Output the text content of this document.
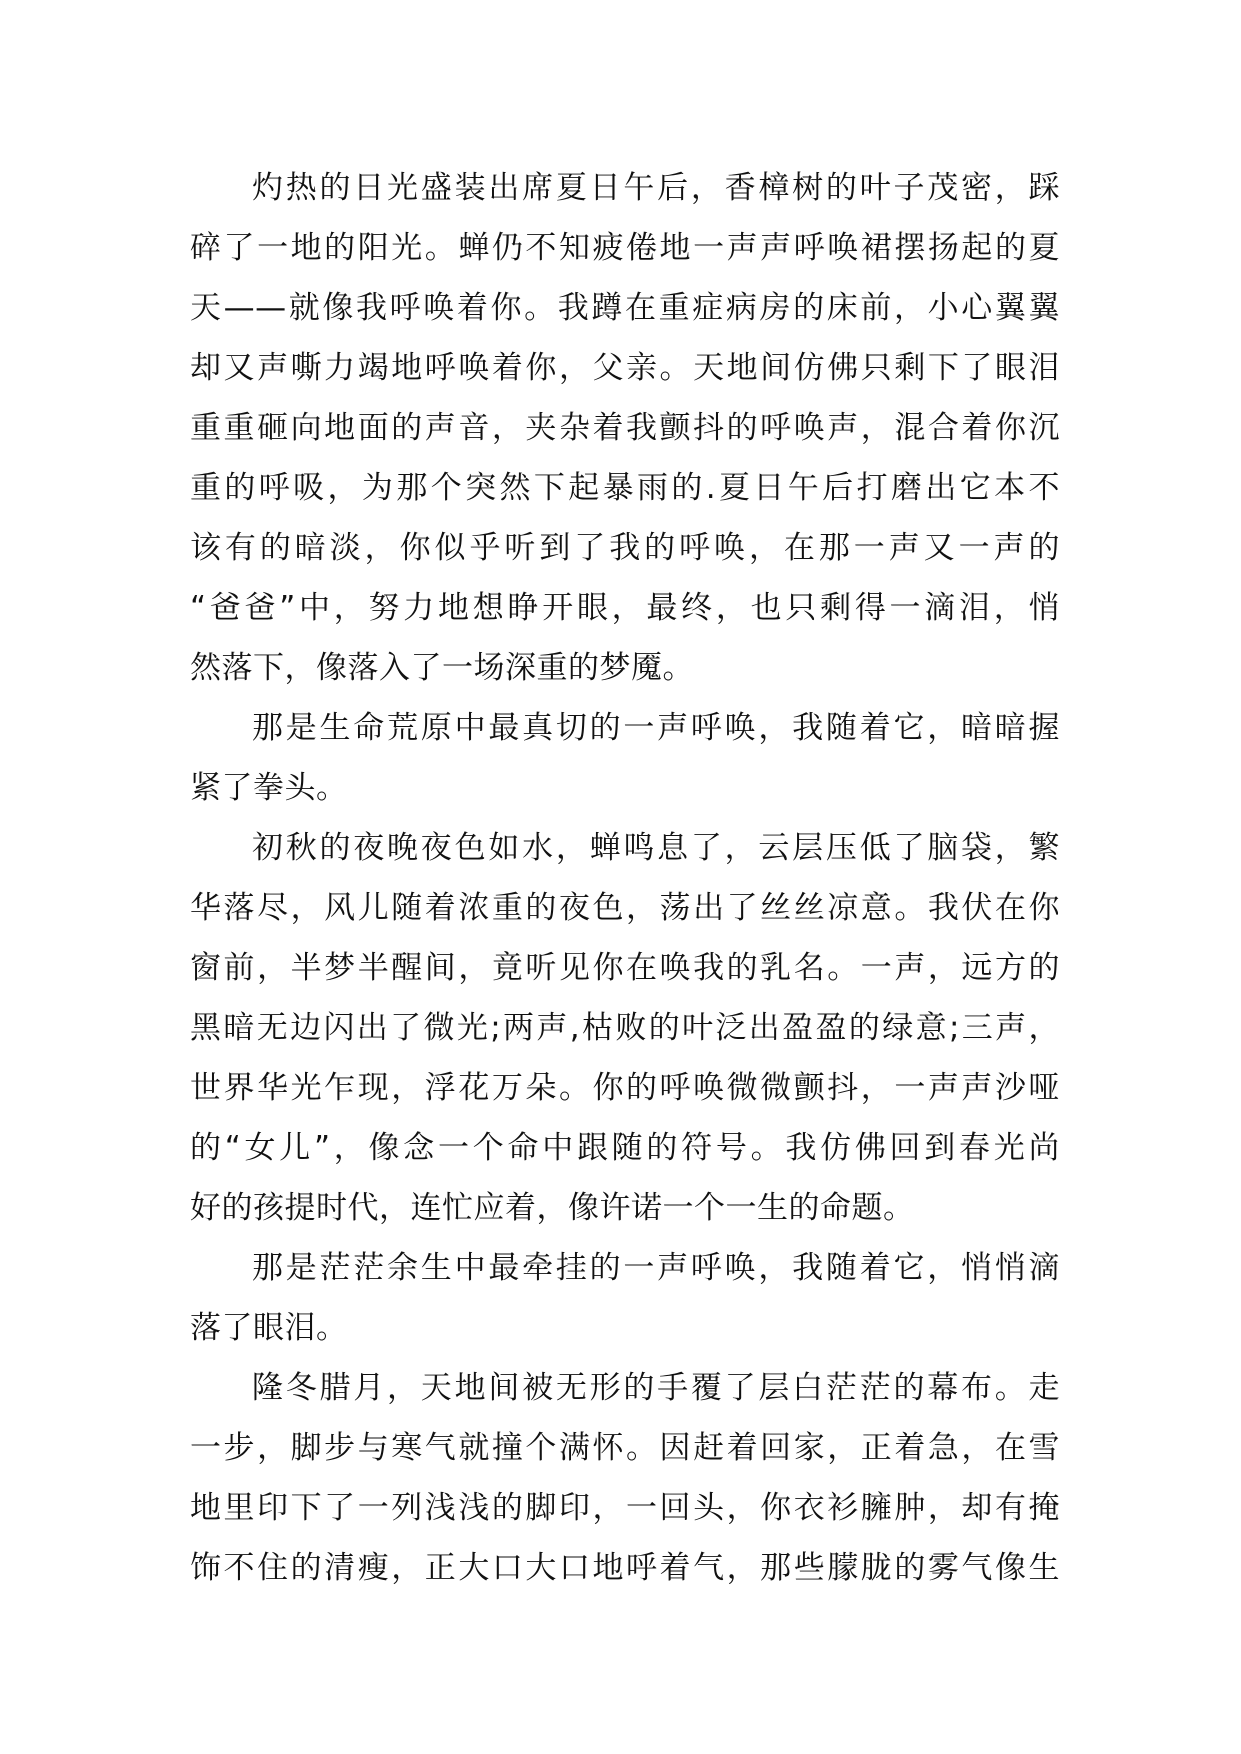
灼热的日光盛装出席夏日午后，香樟树的叶子茂密，踩
碎了一地的阳光。蝉仍不知疲倦地一声声呼唤裙摆扬起的夏
天——就像我呼唤着你。我蹲在重症病房的床前，小心翼翼
却又声嘶力竭地呼唤着你，父亲。天地间仿佛只剩下了眼泪
重重砸向地面的声音，夹杂着我颤抖的呼唤声，混合着你沉
重的呼吸，为那个突然下起暴雨的.夏日午后打磨出它本不
该有的暗淡，你似乎听到了我的呼唤，在那一声又一声的
“爸爸”中，努力地想睁开眼，最终，也只剩得一滴泪，悄
然落下，像落入了一场深重的梦魇。
那是生命荒原中最真切的一声呼唤，我随着它，暗暗握
紧了拳头。
初秋的夜晚夜色如水，蝉鸣息了，云层压低了脑袋，繁
华落尽，风儿随着浓重的夜色，荡出了丝丝凉意。我伏在你
窗前，半梦半醒间，竟听见你在唤我的乳名。一声，远方的
黑暗无边闪出了微光;两声,枯败的叶泛出盈盈的绿意;三声，
世界华光乍现，浮花万朵。你的呼唤微微颤抖，一声声沙哑
的“女儿”，像念一个命中跟随的符号。我仿佛回到春光尚
好的孩提时代，连忙应着，像许诺一个一生的命题。
那是茫茫余生中最牵挂的一声呼唤，我随着它，悄悄滴
落了眼泪。
隆冬腊月，天地间被无形的手覆了层白茫茫的幕布。走
一步，脚步与寒气就撞个满怀。因赶着回家，正着急，在雪
地里印下了一列浅浅的脚印，一回头，你衣衫臃肿，却有掩
饰不住的清瘦，正大口大口地呼着气，那些朦胧的雾气像生
